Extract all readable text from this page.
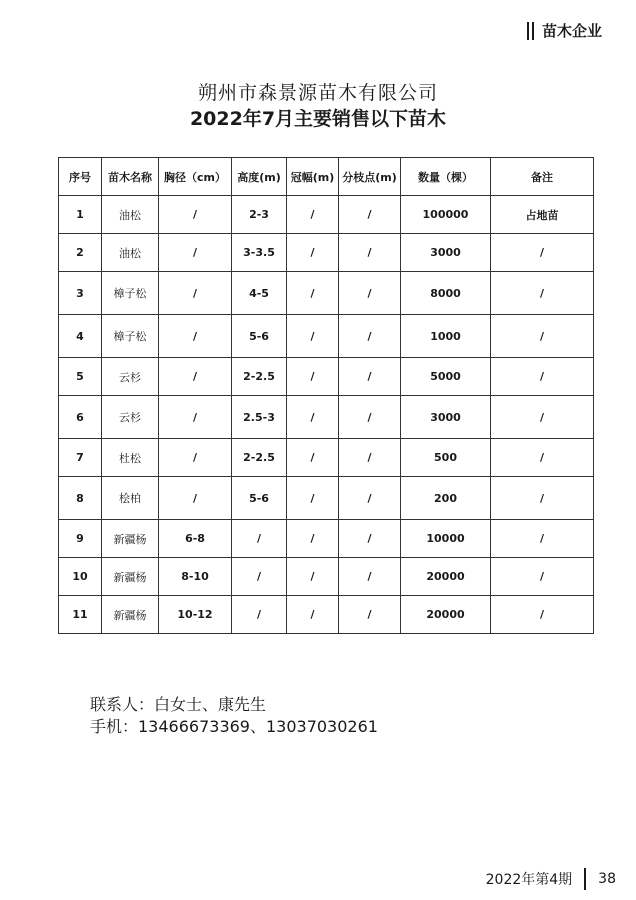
苗木企业
朔州市森景源苗木有限公司
2022年7月主要销售以下苗木
序号	苗木名称	胸径（cm）	高度(m)	冠幅(m)	分枝点(m)	数量（棵）	备注
1	油松	/	2-3	/	/	100000	占地苗
2	油松	/	3-3.5	/	/	3000	/
3	樟子松	/	4-5	/	/	8000	/
4	樟子松	/	5-6	/	/	1000	/
5	云杉	/	2-2.5	/	/	5000	/
6	云杉	/	2.5-3	/	/	3000	/
7	杜松	/	2-2.5	/	/	500	/
8	桧柏	/	5-6	/	/	200	/
9	新疆杨	6-8	/	/	/	10000	/
10	新疆杨	8-10	/	/	/	20000	/
11	新疆杨	10-12	/	/	/	20000	/
联系人：白女士、康先生
手机：13466673369、13037030261
2022年第4期 38
